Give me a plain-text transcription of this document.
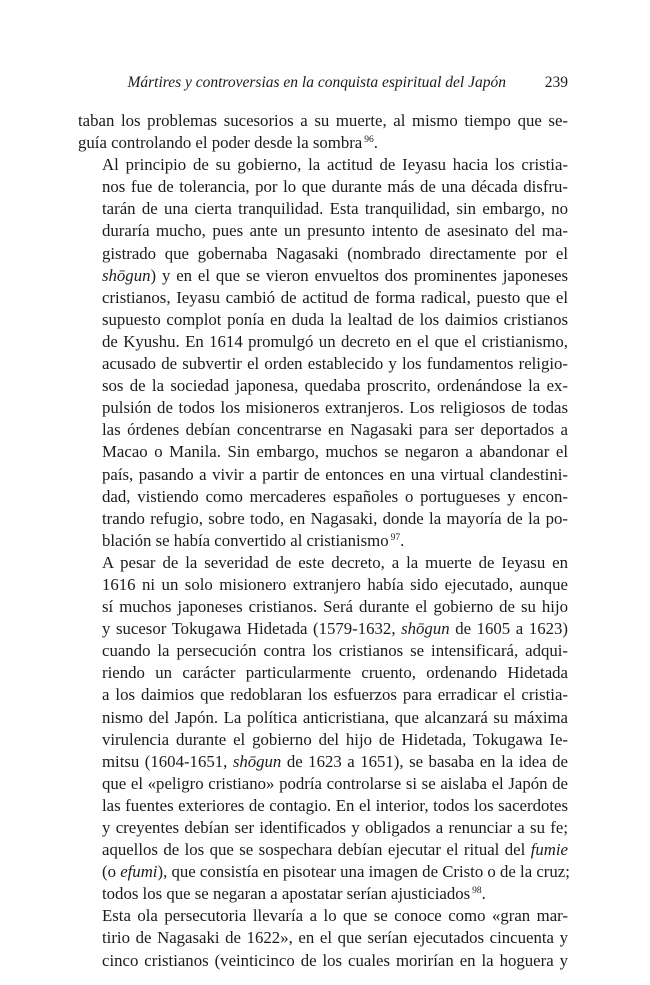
Mártires y controversias en la conquista espiritual del Japón	239

taban los problemas sucesorios a su muerte, al mismo tiempo que se-
guía controlando el poder desde la sombra $^{96}$.

Al principio de su gobierno, la actitud de Ieyasu hacia los cristia-
nos fue de tolerancia, por lo que durante más de una década disfru-
tarán de una cierta tranquilidad. Esta tranquilidad, sin embargo, no
duraría mucho, pues ante un presunto intento de asesinato del ma-
gistrado que gobernaba Nagasaki (nombrado directamente por el
shōgun) y en el que se vieron envueltos dos prominentes japoneses
cristianos, Ieyasu cambió de actitud de forma radical, puesto que el
supuesto complot ponía en duda la lealtad de los daimios cristianos
de Kyushu. En 1614 promulgó un decreto en el que el cristianismo,
acusado de subvertir el orden establecido y los fundamentos religio-
sos de la sociedad japonesa, quedaba proscrito, ordenándose la ex-
pulsión de todos los misioneros extranjeros. Los religiosos de todas
las órdenes debían concentrarse en Nagasaki para ser deportados a
Macao o Manila. Sin embargo, muchos se negaron a abandonar el
país, pasando a vivir a partir de entonces en una virtual clandestini-
dad, vistiendo como mercaderes españoles o portugueses y encon-
trando refugio, sobre todo, en Nagasaki, donde la mayoría de la po-
blación se había convertido al cristianismo $^{97}$.

A pesar de la severidad de este decreto, a la muerte de Ieyasu en
1616 ni un solo misionero extranjero había sido ejecutado, aunque
sí muchos japoneses cristianos. Será durante el gobierno de su hijo
y sucesor Tokugawa Hidetada (1579-1632, shōgun de 1605 a 1623)
cuando la persecución contra los cristianos se intensificará, adqui-
riendo un carácter particularmente cruento, ordenando Hidetada
a los daimios que redoblaran los esfuerzos para erradicar el cristia-
nismo del Japón. La política anticristiana, que alcanzará su máxima
virulencia durante el gobierno del hijo de Hidetada, Tokugawa Ie-
mitsu (1604-1651, shōgun de 1623 a 1651), se basaba en la idea de
que el «peligro cristiano» podría controlarse si se aislaba el Japón de
las fuentes exteriores de contagio. En el interior, todos los sacerdotes
y creyentes debían ser identificados y obligados a renunciar a su fe;
aquellos de los que se sospechara debían ejecutar el ritual del fumie
(o efumi), que consistía en pisotear una imagen de Cristo o de la cruz;
todos los que se negaran a apostatar serían ajusticiados $^{98}$.

Esta ola persecutoria llevaría a lo que se conoce como «gran mar-
tirio de Nagasaki de 1622», en el que serían ejecutados cincuenta y
cinco cristianos (veinticinco de los cuales morirían en la hoguera y
